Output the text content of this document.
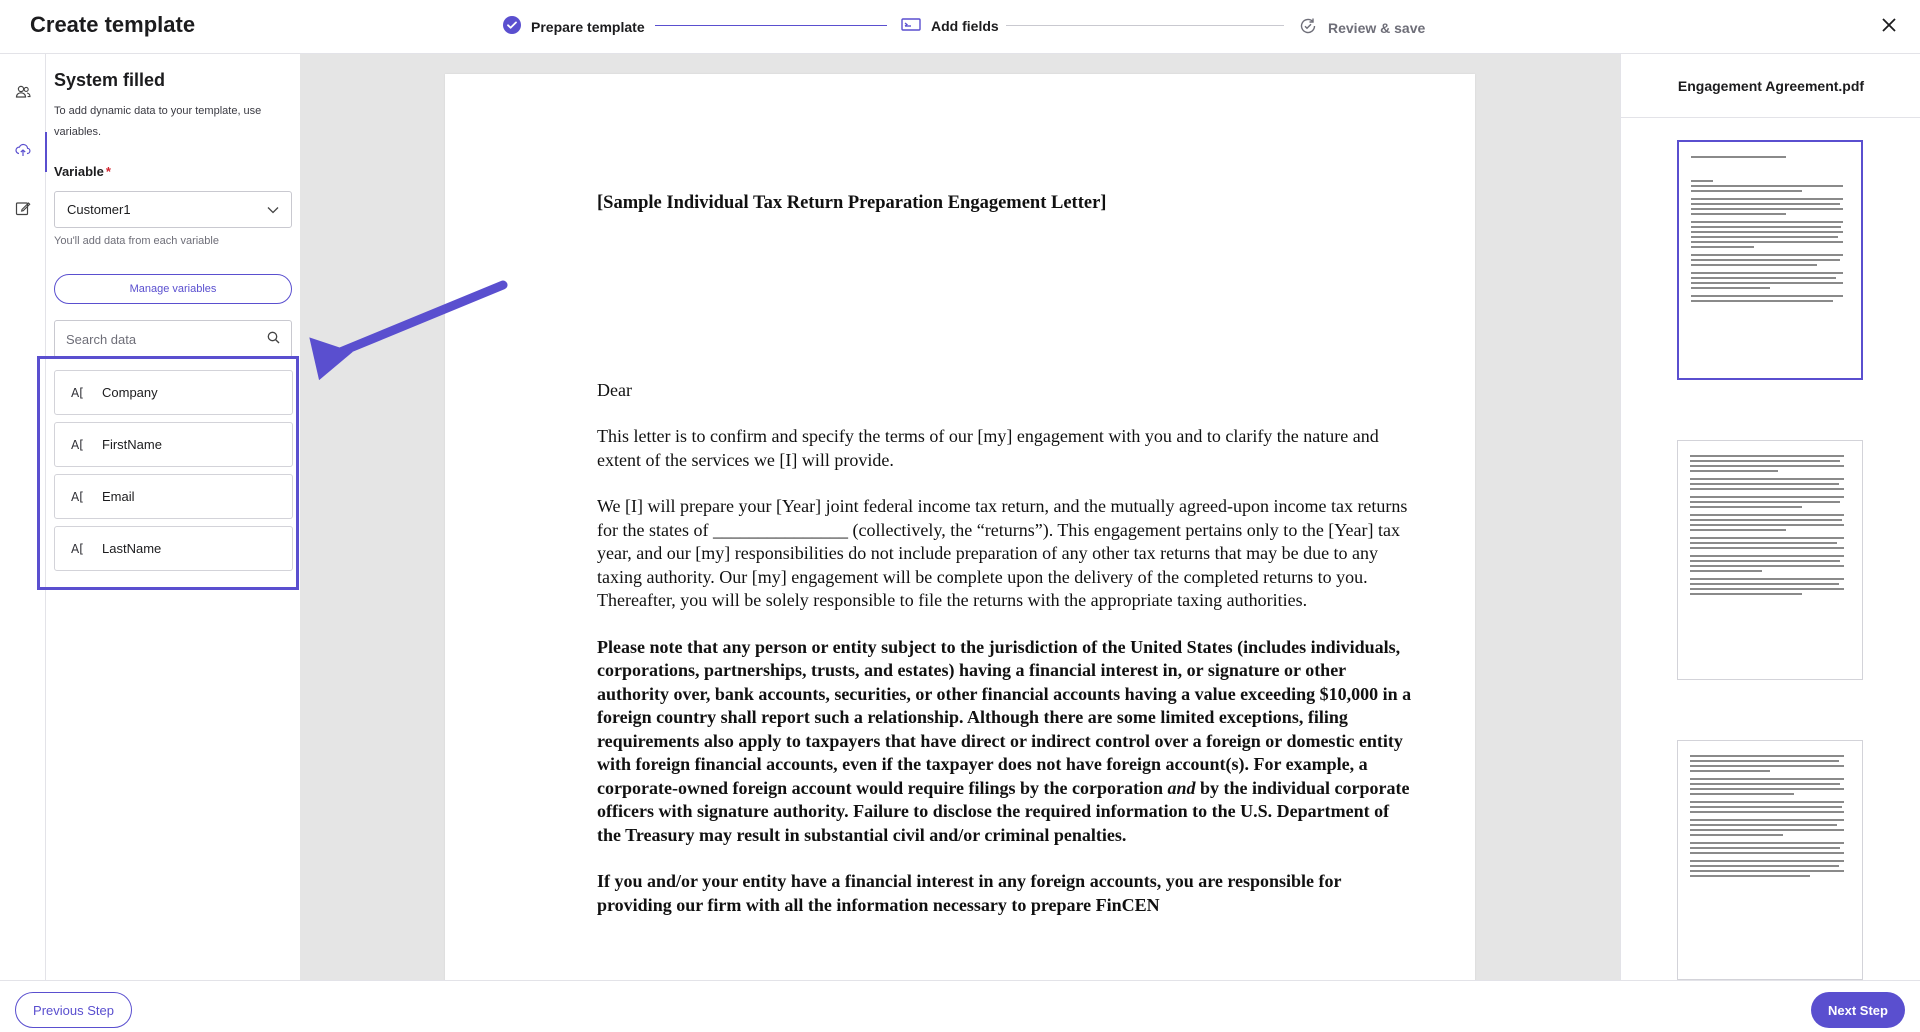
Create template	Prepare template	Add fields	Review & save
System filled
To add dynamic data to your template, use variables.
Variable *
Customer1
You'll add data from each variable
Manage variables
Search data
A[	Company
A[	FirstName
A[	Email
A[	LastName
[Sample Individual Tax Return Preparation Engagement Letter]
Dear

This letter is to confirm and specify the terms of our [my] engagement with you and to clarify the nature and extent of the services we [I] will provide.

We [I] will prepare your [Year] joint federal income tax return, and the mutually agreed-upon income tax returns for the states of _______________ (collectively, the “returns”). This engagement pertains only to the [Year] tax year, and our [my] responsibilities do not include preparation of any other tax returns that may be due to any taxing authority. Our [my] engagement will be complete upon the delivery of the completed returns to you. Thereafter, you will be solely responsible to file the returns with the appropriate taxing authorities.

Please note that any person or entity subject to the jurisdiction of the United States (includes individuals, corporations, partnerships, trusts, and estates) having a financial interest in, or signature or other authority over, bank accounts, securities, or other financial accounts having a value exceeding $10,000 in a foreign country shall report such a relationship. Although there are some limited exceptions, filing requirements also apply to taxpayers that have direct or indirect control over a foreign or domestic entity with foreign financial accounts, even if the taxpayer does not have foreign account(s). For example, a corporate-owned foreign account would require filings by the corporation and by the individual corporate officers with signature authority. Failure to disclose the required information to the U.S. Department of the Treasury may result in substantial civil and/or criminal penalties.

If you and/or your entity have a financial interest in any foreign accounts, you are responsible for providing our firm with all the information necessary to prepare FinCEN

Engagement Agreement.pdf
Previous Step	Next Step
